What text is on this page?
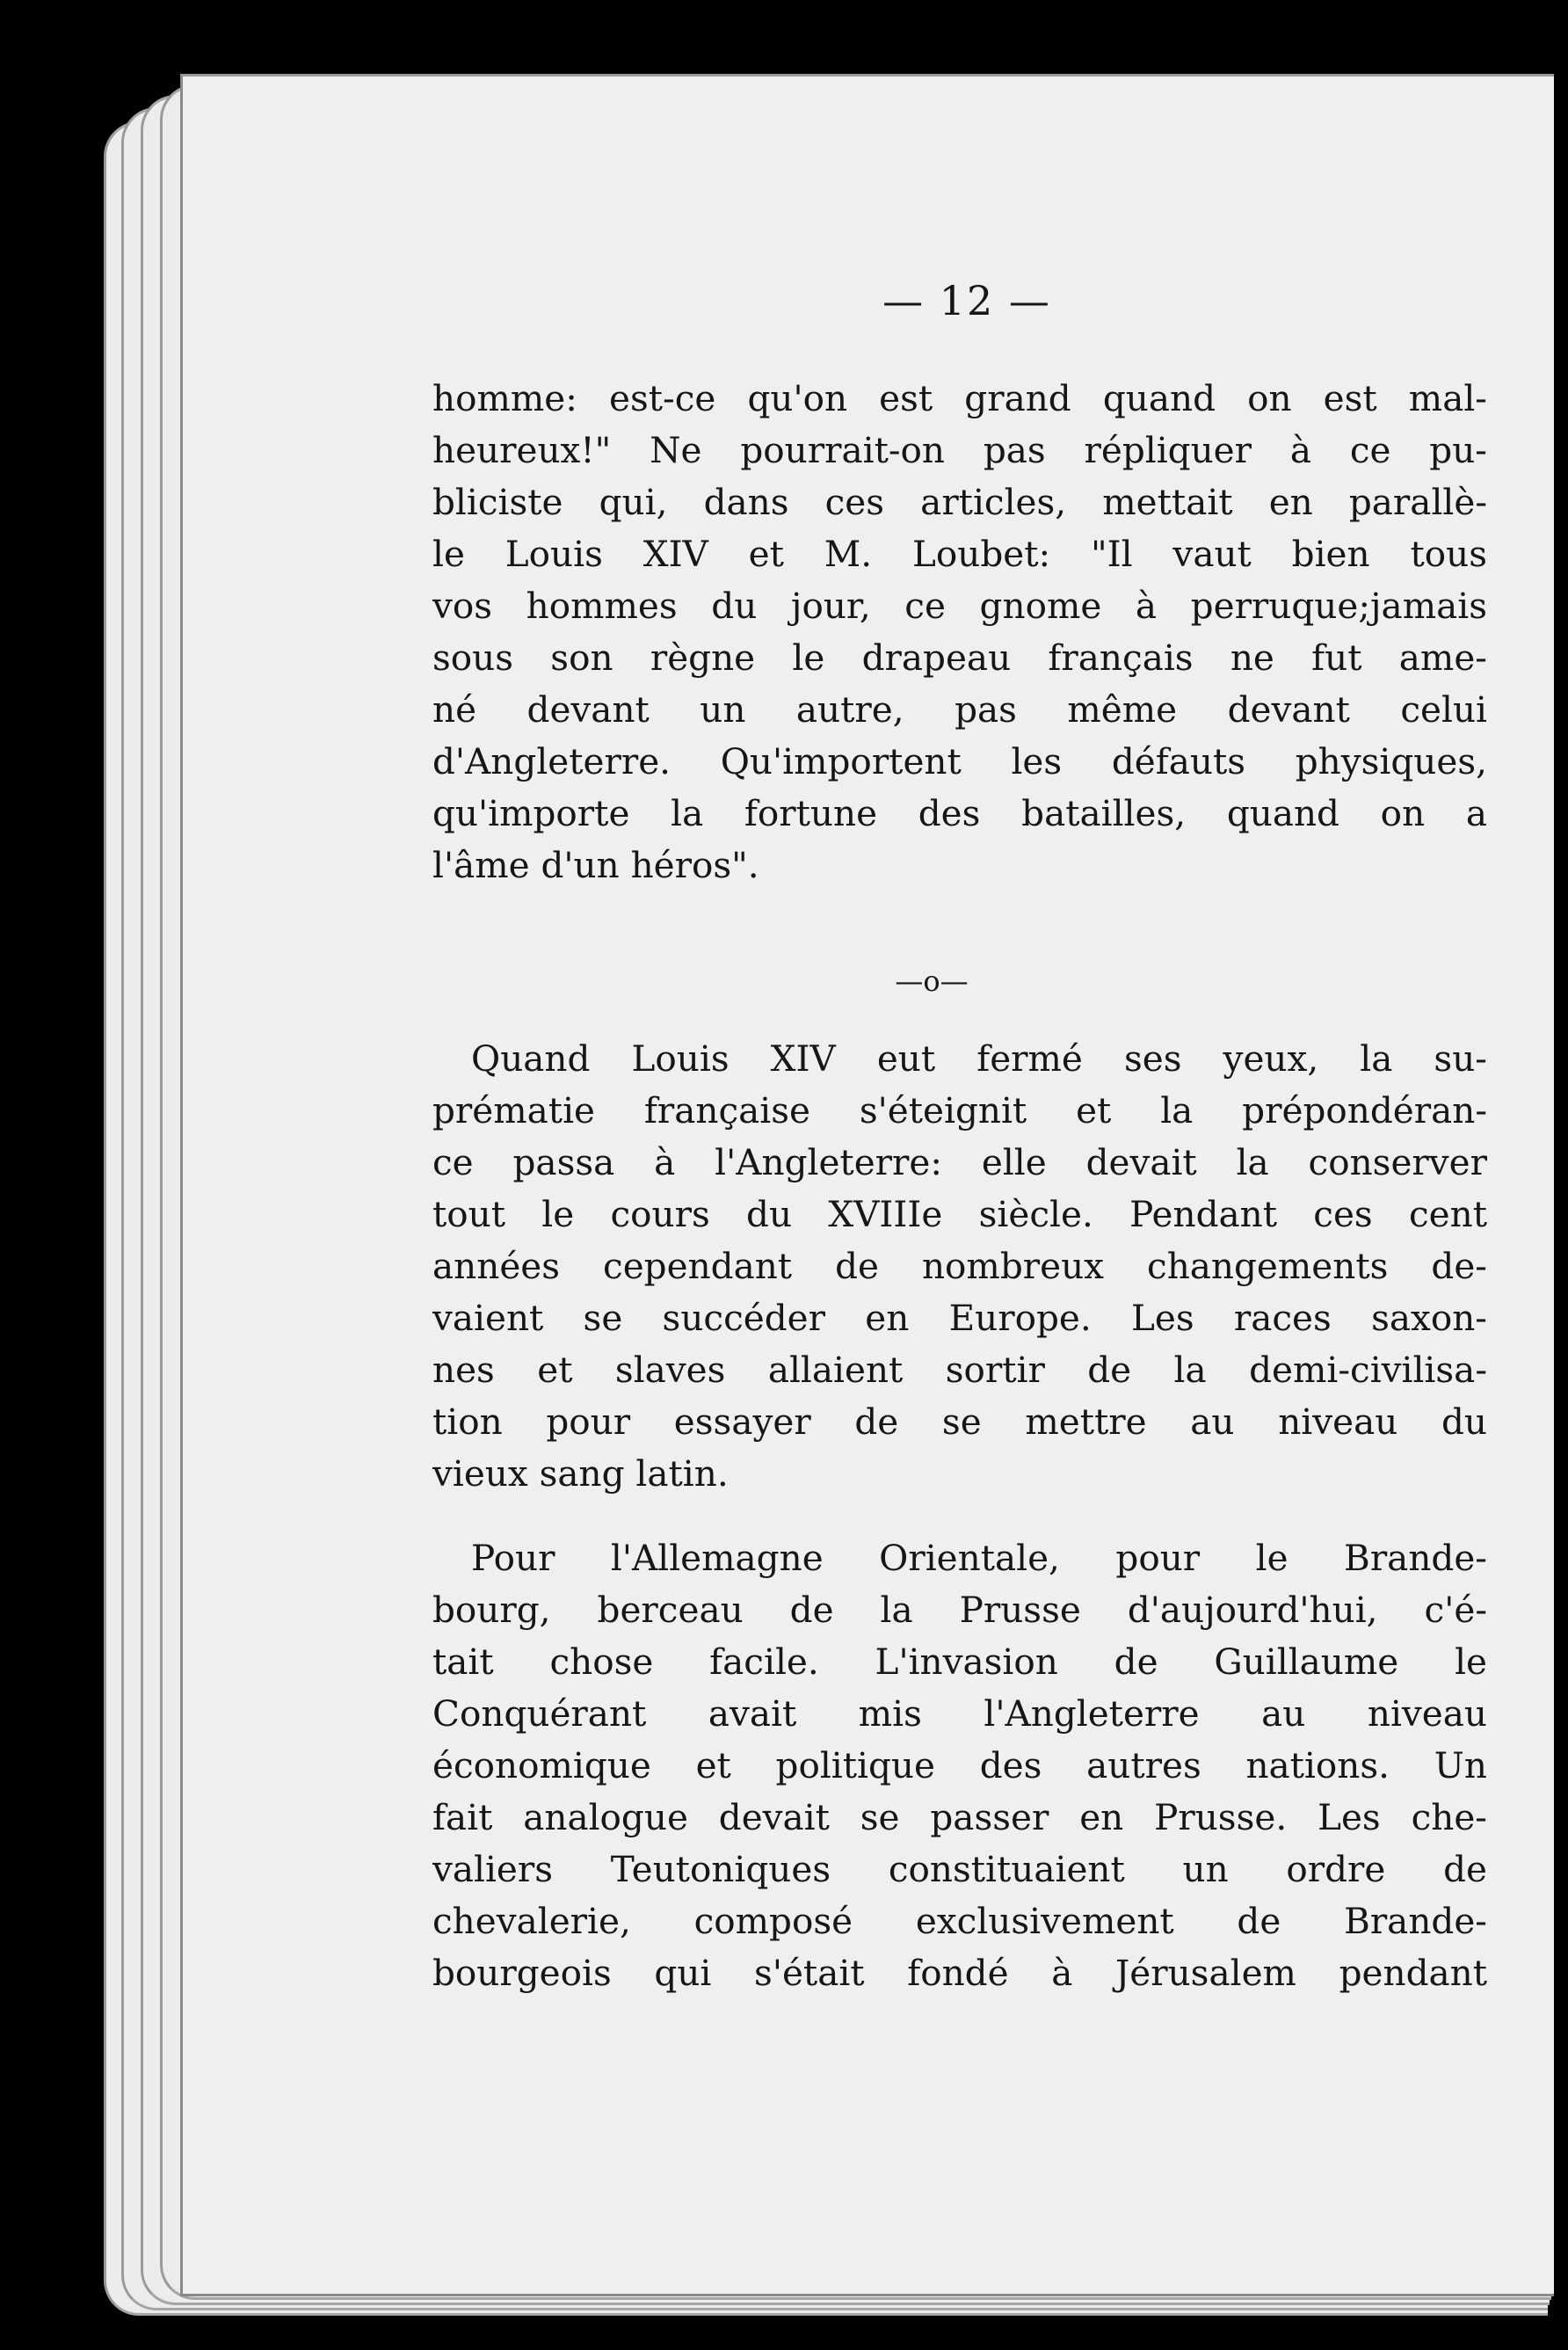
— 12 —
homme: est-ce qu'on est grand quand on est mal-
heureux!" Ne pourrait-on pas répliquer à ce pu-
bliciste qui, dans ces articles, mettait en parallè-
le Louis XIV et M. Loubet: "Il vaut bien tous
vos hommes du jour, ce gnome à perruque;jamais
sous son règne le drapeau français ne fut ame-
né devant un autre, pas même devant celui
d'Angleterre. Qu'importent les défauts physiques,
qu'importe la fortune des batailles, quand on a
l'âme d'un héros".
—o—
Quand Louis XIV eut fermé ses yeux, la su-
prématie française s'éteignit et la prépondéran-
ce passa à l'Angleterre: elle devait la conserver
tout le cours du XVIIIe siècle. Pendant ces cent
années cependant de nombreux changements de-
vaient se succéder en Europe. Les races saxon-
nes et slaves allaient sortir de la demi-civilisa-
tion pour essayer de se mettre au niveau du
vieux sang latin.
Pour l'Allemagne Orientale, pour le Brande-
bourg, berceau de la Prusse d'aujourd'hui, c'é-
tait chose facile. L'invasion de Guillaume le
Conquérant avait mis l'Angleterre au niveau
économique et politique des autres nations. Un
fait analogue devait se passer en Prusse. Les che-
valiers Teutoniques constituaient un ordre de
chevalerie, composé exclusivement de Brande-
bourgeois qui s'était fondé à Jérusalem pendant
